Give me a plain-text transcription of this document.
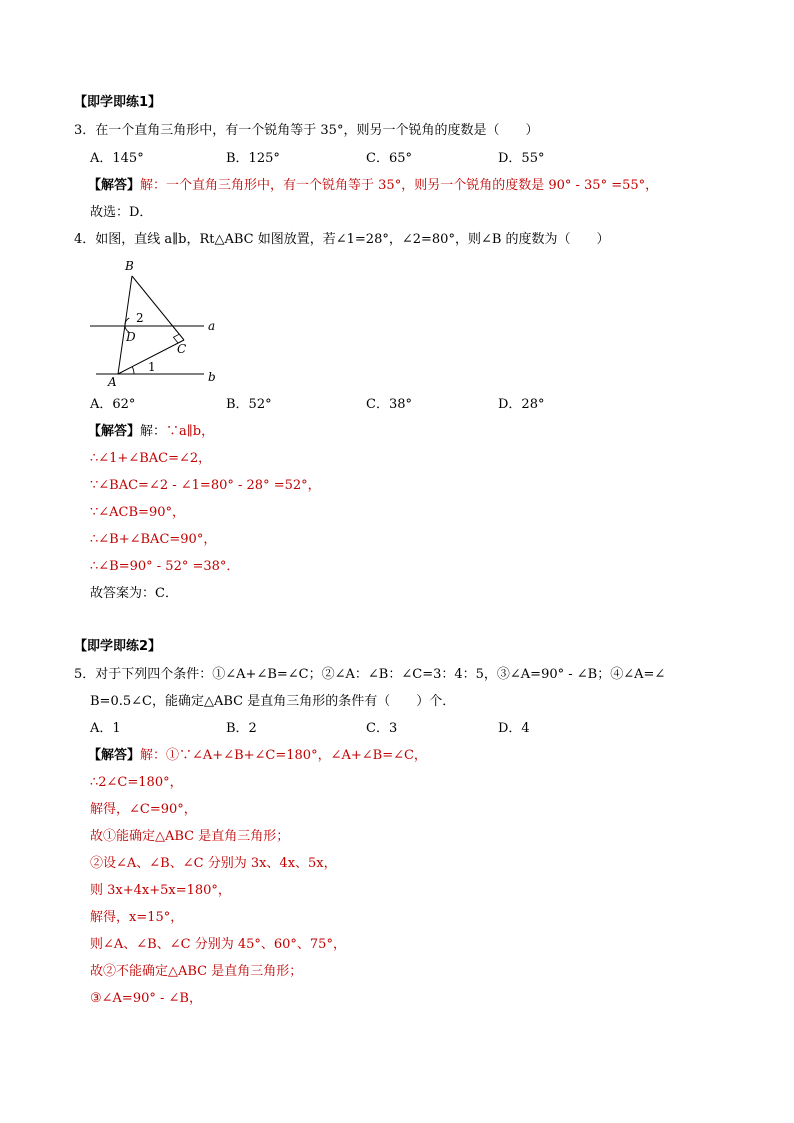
【即学即练1】
3．在一个直角三角形中，有一个锐角等于 35°，则另一个锐角的度数是（　　）
A．145°	B．125°	C．65°	D．55°
【解答】解：一个直角三角形中，有一个锐角等于 35°，则另一个锐角的度数是 90° - 35° =55°，
故选：D．
4．如图，直线 a∥b，Rt△ABC 如图放置，若∠1=28°，∠2=80°，则∠B 的度数为（　　）
B
2
D
C
1
A
a
b
A．62°	B．52°	C．38°	D．28°
【解答】解：∵a∥b，
∴∠1+∠BAC=∠2，
∵∠BAC=∠2 - ∠1=80° - 28° =52°，
∵∠ACB=90°，
∴∠B+∠BAC=90°，
∴∠B=90° - 52° =38°．
故答案为：C．
【即学即练2】
5．对于下列四个条件：①∠A+∠B=∠C；②∠A：∠B：∠C=3：4：5，③∠A=90° - ∠B；④∠A=∠
B=0.5∠C，能确定△ABC 是直角三角形的条件有（　　）个．
A．1	B．2	C．3	D．4
【解答】解：①∵∠A+∠B+∠C=180°，∠A+∠B=∠C，
∴2∠C=180°，
解得，∠C=90°，
故①能确定△ABC 是直角三角形；
②设∠A、∠B、∠C 分别为 3x、4x、5x，
则 3x+4x+5x=180°，
解得，x=15°，
则∠A、∠B、∠C 分别为 45°、60°、75°，
故②不能确定△ABC 是直角三角形；
③∠A=90° - ∠B，
